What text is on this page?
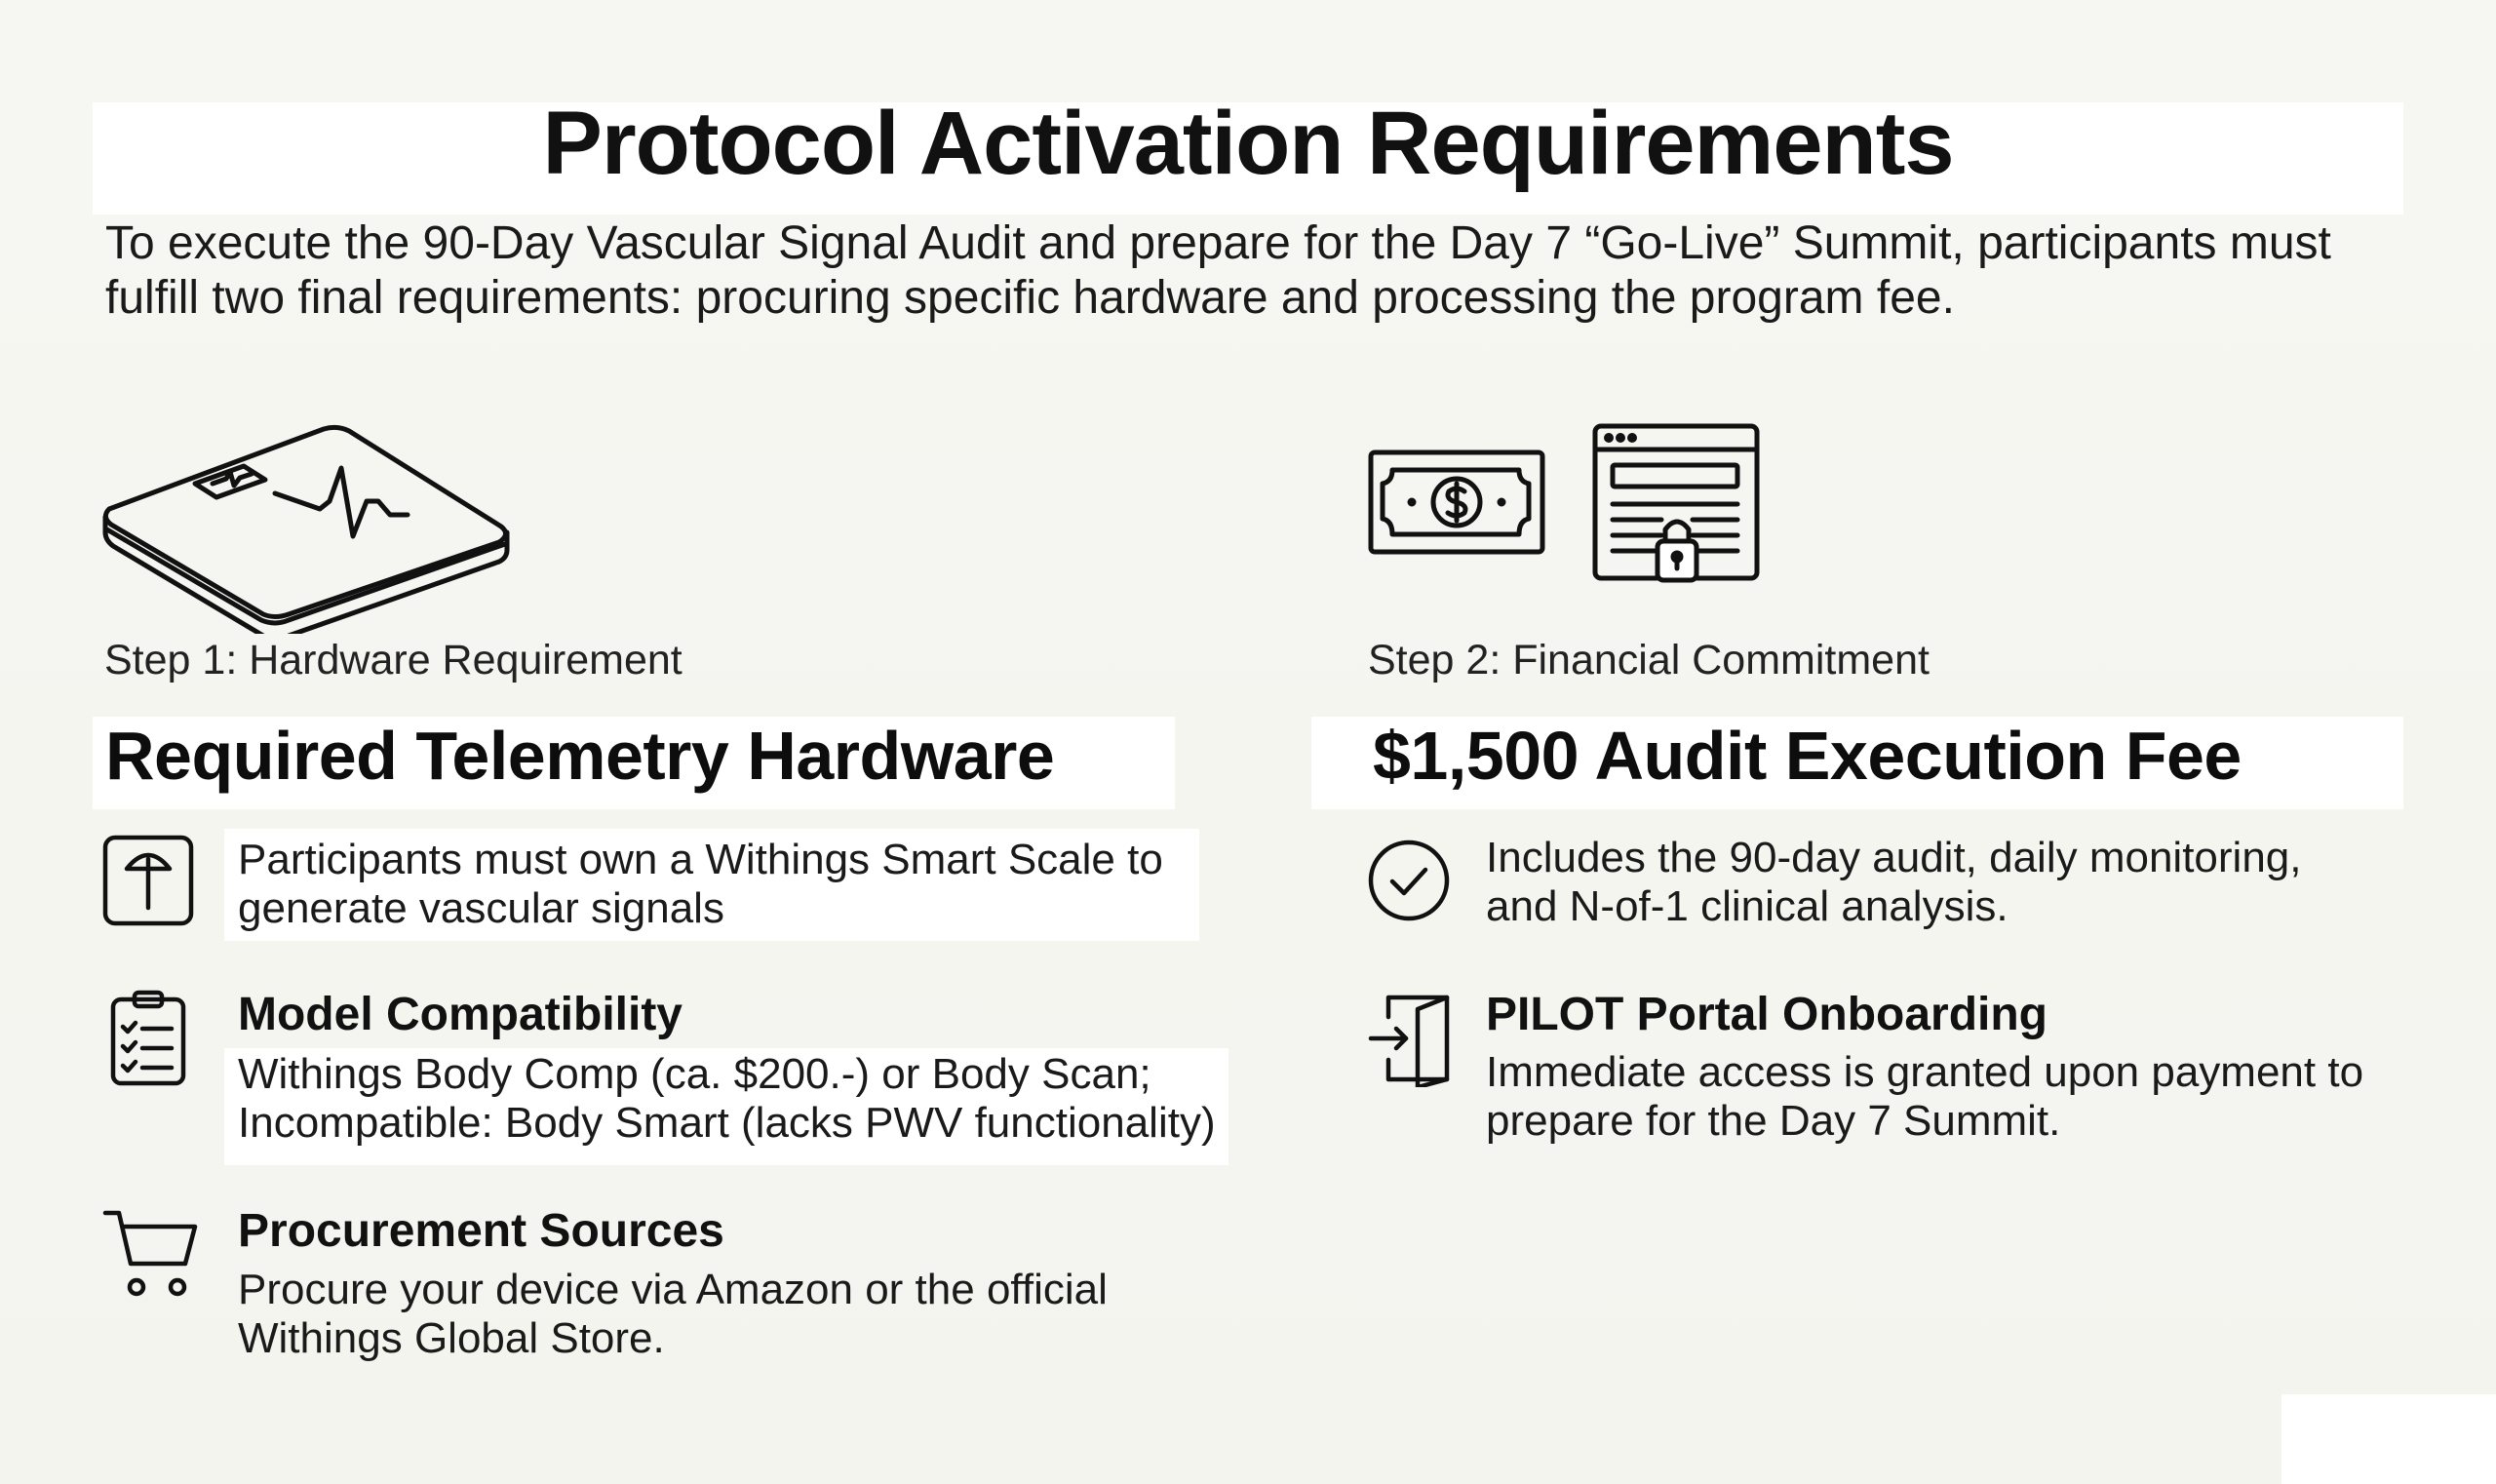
Protocol Activation Requirements
To execute the 90-Day Vascular Signal Audit and prepare for the Day 7 “Go-Live” Summit, participants must fulfill two final requirements: procuring specific hardware and processing the program fee.
Step 1: Hardware Requirement
Required Telemetry Hardware
Participants must own a Withings Smart Scale to generate vascular signals
Model Compatibility
Withings Body Comp (ca. $200.-) or Body Scan; Incompatible: Body Smart (lacks PWV functionality)
Procurement Sources
Procure your device via Amazon or the official Withings Global Store.
Step 2: Financial Commitment
$1,500 Audit Execution Fee
Includes the 90-day audit, daily monitoring, and N-of-1 clinical analysis.
PILOT Portal Onboarding
Immediate access is granted upon payment to prepare for the Day 7 Summit.
